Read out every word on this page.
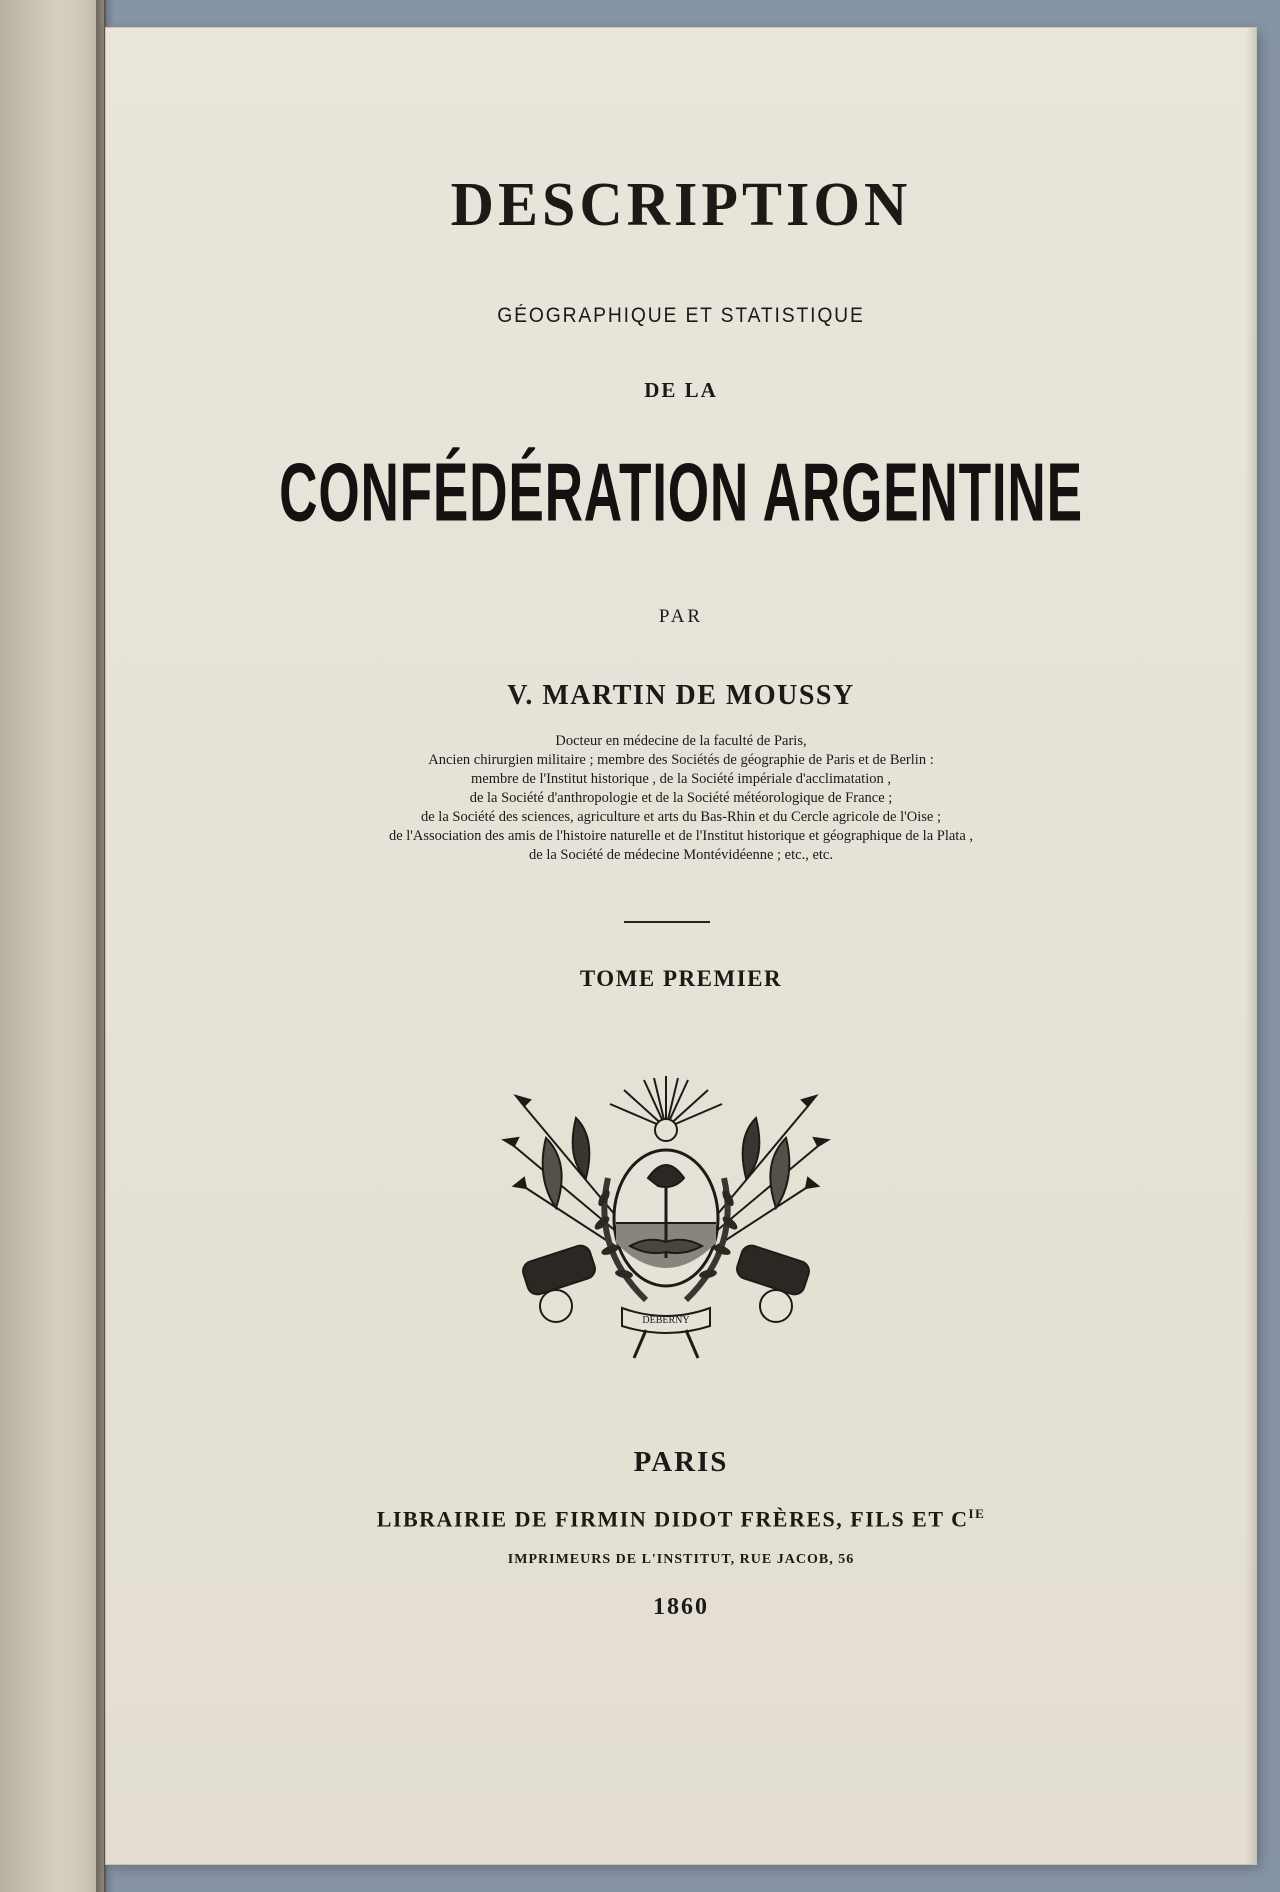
DESCRIPTION

GÉOGRAPHIQUE ET STATISTIQUE

DE LA

CONFÉDÉRATION ARGENTINE

PAR

V. MARTIN DE MOUSSY

Docteur en médecine de la faculté de Paris,

Ancien chirurgien militaire ; membre des Sociétés de géographie de Paris et de Berlin :

membre de l'Institut historique , de la Société impériale d'acclimatation ,

de la Société d'anthropologie et de la Société météorologique de France ;

de la Société des sciences, agriculture et arts du Bas-Rhin et du Cercle agricole de l'Oise ;

de l'Association des amis de l'histoire naturelle et de l'Institut historique et géographique de la Plata ,

de la Société de médecine Montévidéenne ; etc., etc.

TOME PREMIER

DEBERNY

PARIS

LIBRAIRIE DE FIRMIN DIDOT FRÈRES, FILS ET $C^{IE}$

IMPRIMEURS DE L'INSTITUT, RUE JACOB, 56

1860
